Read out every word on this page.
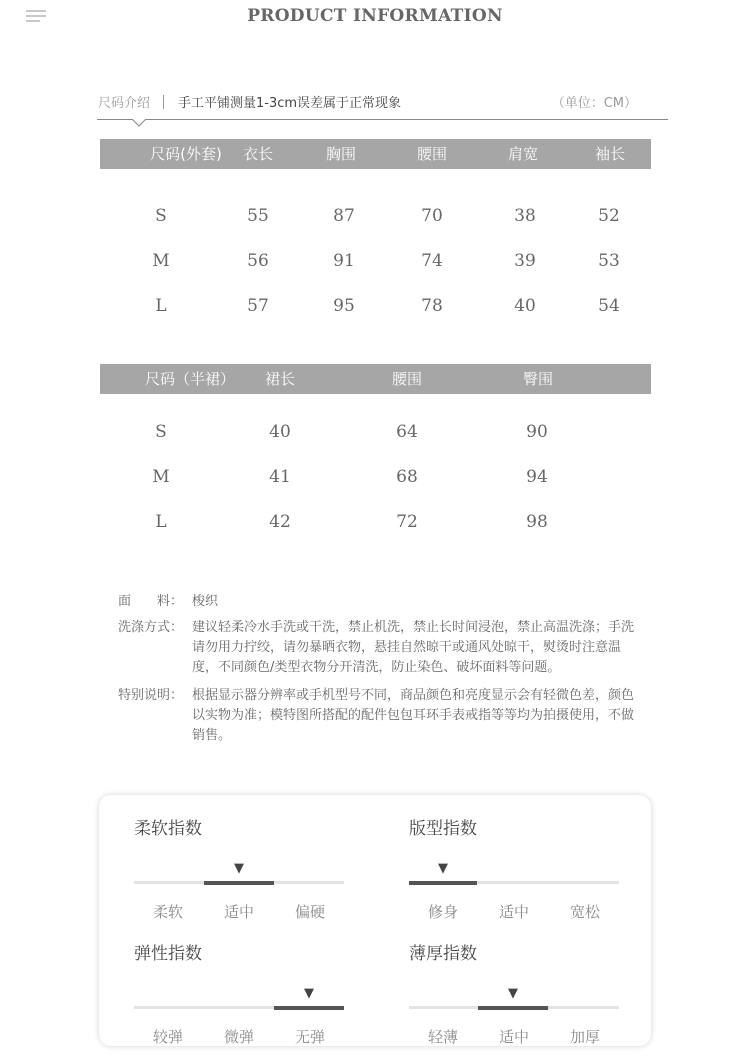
PRODUCT INFORMATION
尺码介绍 手工平铺测量1-3cm误差属于正常现象	（单位：CM）
尺码(外套) 衣长	胸围	腰围	肩宽	袖长
S	55	87	70	38	52
M	56	91	74	39	53
L	57	95	78	40	54
尺码（半裙） 裙长	腰围	臀围
S	40	64	90
M	41	68	94
L	42	72	98
面　　料： 梭织
洗涤方式： 建议轻柔冷水手洗或干洗，禁止机洗，禁止长时间浸泡，禁止高温洗涤；手洗请勿用力拧绞，请勿暴晒衣物，悬挂自然晾干或通风处晾干，熨烫时注意温度，不同颜色/类型衣物分开清洗，防止染色、破坏面料等问题。
特别说明： 根据显示器分辨率或手机型号不同，商品颜色和亮度显示会有轻微色差，颜色以实物为准；模特图所搭配的配件包包耳环手表戒指等等均为拍摄使用，不做销售。
柔软指数
▼
柔软	适中	偏硬
版型指数
▼
修身	适中	宽松
弹性指数
▼
较弹	微弹	无弹
薄厚指数
▼
轻薄	适中	加厚
